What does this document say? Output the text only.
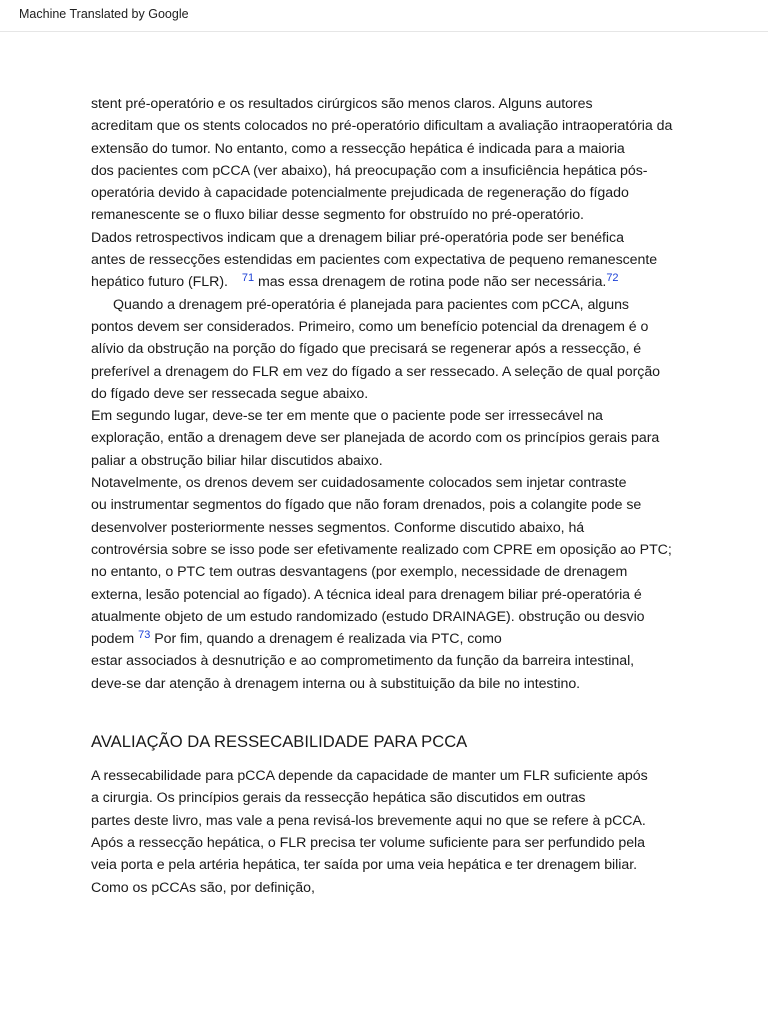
Machine Translated by Google
stent pré-operatório e os resultados cirúrgicos são menos claros. Alguns autores
acreditam que os stents colocados no pré-operatório dificultam a avaliação intraoperatória da
extensão do tumor. No entanto, como a ressecção hepática é indicada para a maioria
dos pacientes com pCCA (ver abaixo), há preocupação com a insuficiência hepática pós-
operatória devido à capacidade potencialmente prejudicada de regeneração do fígado
remanescente se o fluxo biliar desse segmento for obstruído no pré-operatório.
Dados retrospectivos indicam que a drenagem biliar pré-operatória pode ser benéfica
antes de ressecções estendidas em pacientes com expectativa de pequeno remanescente
hepático futuro (FLR). $^{71}$ mas essa drenagem de rotina pode não ser necessária.$^{72}$
Quando a drenagem pré-operatória é planejada para pacientes com pCCA, alguns
pontos devem ser considerados. Primeiro, como um benefício potencial da drenagem é o
alívio da obstrução na porção do fígado que precisará se regenerar após a ressecção, é
preferível a drenagem do FLR em vez do fígado a ser ressecado. A seleção de qual porção
do fígado deve ser ressecada segue abaixo.
Em segundo lugar, deve-se ter em mente que o paciente pode ser irressecável na
exploração, então a drenagem deve ser planejada de acordo com os princípios gerais para
paliar a obstrução biliar hilar discutidos abaixo.
Notavelmente, os drenos devem ser cuidadosamente colocados sem injetar contraste
ou instrumentar segmentos do fígado que não foram drenados, pois a colangite pode se
desenvolver posteriormente nesses segmentos. Conforme discutido abaixo, há
controvérsia sobre se isso pode ser efetivamente realizado com CPRE em oposição ao PTC;
no entanto, o PTC tem outras desvantagens (por exemplo, necessidade de drenagem
externa, lesão potencial ao fígado). A técnica ideal para drenagem biliar pré-operatória é
atualmente objeto de um estudo randomizado (estudo DRAINAGE). obstrução ou desvio
podem $^{73}$ Por fim, quando a drenagem é realizada via PTC, como
estar associados à desnutrição e ao comprometimento da função da barreira intestinal,
deve-se dar atenção à drenagem interna ou à substituição da bile no intestino.
AVALIAÇÃO DA RESSECABILIDADE PARA PCCA
A ressecabilidade para pCCA depende da capacidade de manter um FLR suficiente após
a cirurgia. Os princípios gerais da ressecção hepática são discutidos em outras
partes deste livro, mas vale a pena revisá-los brevemente aqui no que se refere à pCCA.
Após a ressecção hepática, o FLR precisa ter volume suficiente para ser perfundido pela
veia porta e pela artéria hepática, ter saída por uma veia hepática e ter drenagem biliar.
Como os pCCAs são, por definição,
